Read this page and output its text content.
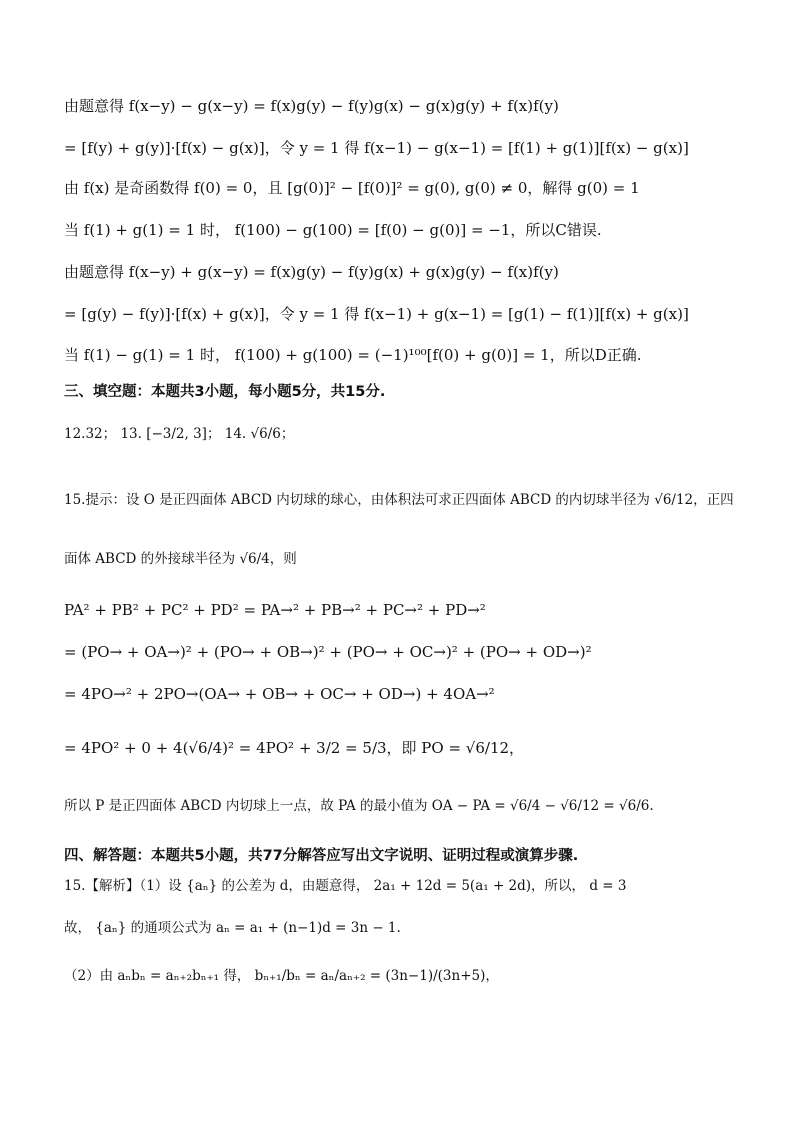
由题意得 f(x−y) − g(x−y) = f(x)g(y) − f(y)g(x) − g(x)g(y) + f(x)f(y)
= [f(y) + g(y)]·[f(x) − g(x)]，令 y = 1 得 f(x−1) − g(x−1) = [f(1) + g(1)][f(x) − g(x)]
由 f(x) 是奇函数得 f(0) = 0，且 [g(0)]² − [f(0)]² = g(0), g(0) ≠ 0，解得 g(0) = 1
当 f(1) + g(1) = 1 时， f(100) − g(100) = [f(0) − g(0)] = −1，所以C错误.
由题意得 f(x−y) + g(x−y) = f(x)g(y) − f(y)g(x) + g(x)g(y) − f(x)f(y)
= [g(y) − f(y)]·[f(x) + g(x)]，令 y = 1 得 f(x−1) + g(x−1) = [g(1) − f(1)][f(x) + g(x)]
当 f(1) − g(1) = 1 时， f(100) + g(100) = (−1)¹⁰⁰[f(0) + g(0)] = 1，所以D正确.
三、填空题：本题共3小题，每小题5分，共15分.
12.32； 13. [−3/2, 3]； 14. √6/6；
15.提示：设 O 是正四面体 ABCD 内切球的球心，由体积法可求正四面体 ABCD 的内切球半径为 √6/12，正四
面体 ABCD 的外接球半径为 √6/4，则
PA² + PB² + PC² + PD² = PA→² + PB→² + PC→² + PD→²
= (PO→ + OA→)² + (PO→ + OB→)² + (PO→ + OC→)² + (PO→ + OD→)²
= 4PO→² + 2PO→(OA→ + OB→ + OC→ + OD→) + 4OA→²
= 4PO² + 0 + 4(√6/4)² = 4PO² + 3/2 = 5/3，即 PO = √6/12，
所以 P 是正四面体 ABCD 内切球上一点，故 PA 的最小值为 OA − PA = √6/4 − √6/12 = √6/6.
四、解答题：本题共5小题，共77分解答应写出文字说明、证明过程或演算步骤.
15.【解析】（1）设 {aₙ} 的公差为 d，由题意得， 2a₁ + 12d = 5(a₁ + 2d)，所以， d = 3
故， {aₙ} 的通项公式为 aₙ = a₁ + (n−1)d = 3n − 1.
（2）由 aₙbₙ = aₙ₊₂bₙ₊₁ 得， bₙ₊₁/bₙ = aₙ/aₙ₊₂ = (3n−1)/(3n+5)，
